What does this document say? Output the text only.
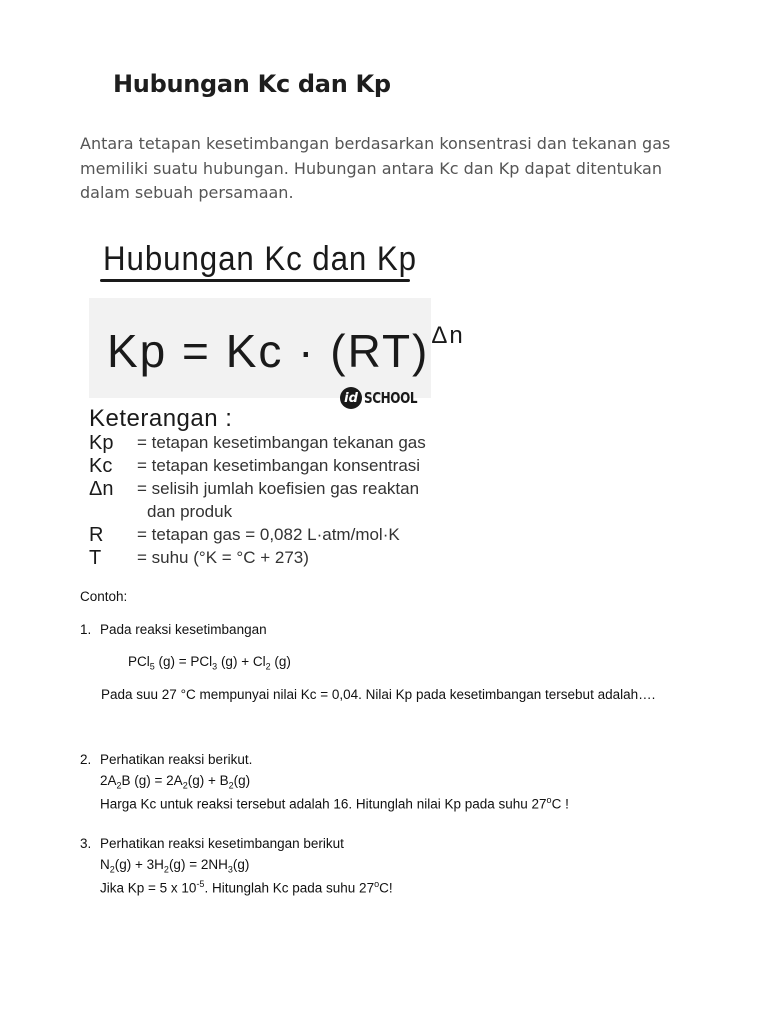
Hubungan Kc dan Kp

Antara tetapan kesetimbangan berdasarkan konsentrasi dan tekanan gas
memiliki suatu hubungan. Hubungan antara Kc dan Kp dapat ditentukan
dalam sebuah persamaan.

Hubungan Kc dan Kp
Kp = Kc · (RT)$^{\Delta n}$
id SCHOOL
Keterangan :
Kp = tetapan kesetimbangan tekanan gas
Kc = tetapan kesetimbangan konsentrasi
Δn = selisih jumlah koefisien gas reaktan
dan produk
R = tetapan gas = 0,082 L·atm/mol·K
T = suhu (°K = °C + 273)

Contoh:

1. Pada reaksi kesetimbangan

PCl$_5$ (g) = PCl$_3$ $(g) + Cl_2$ (g)

Pada suu 27 °C mempunyai nilai Kc = 0,04. Nilai Kp pada kesetimbangan tersebut adalah….

2. Perhatikan reaksi berikut.

$2A_2B$ $(g) = 2A_2(g) + B_2(g)$

Harga Kc untuk reaksi tersebut adalah 16. Hitunglah nilai Kp pada suhu 27$^o$C !

3. Perhatikan reaksi kesetimbangan berikut

$N_2(g) + 3H_2(g) = 2NH_3(g)$

Jika Kp = 5 x $10^{-5}$. Hitunglah Kc pada suhu 27$^o$C!
